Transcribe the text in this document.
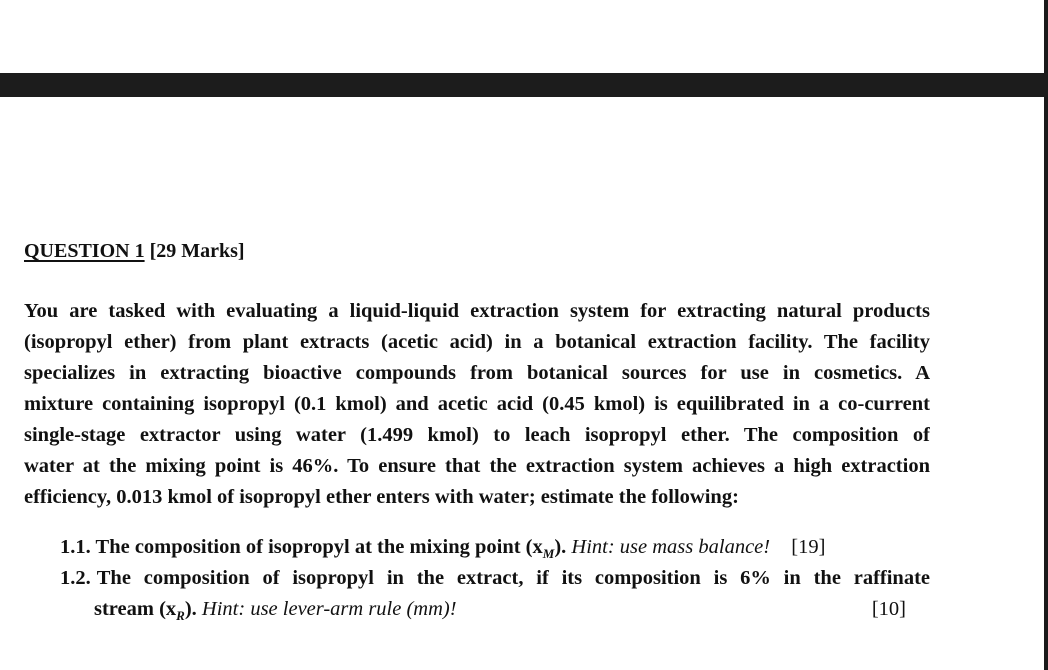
QUESTION 1 [29 Marks]
You are tasked with evaluating a liquid-liquid extraction system for extracting natural products
(isopropyl ether) from plant extracts (acetic acid) in a botanical extraction facility. The facility
specializes in extracting bioactive compounds from botanical sources for use in cosmetics. A
mixture containing isopropyl (0.1 kmol) and acetic acid (0.45 kmol) is equilibrated in a co-current
single-stage extractor using water (1.499 kmol) to leach isopropyl ether. The composition of
water at the mixing point is 46%. To ensure that the extraction system achieves a high extraction
efficiency, 0.013 kmol of isopropyl ether enters with water; estimate the following:
1.1. The composition of isopropyl at the mixing point $(x_M)$. Hint: use mass balance! [19]
1.2. The composition of isopropyl in the extract, if its composition is 6% in the raffinate
stream $(x_R)$. Hint: use lever-arm rule (mm)!	[10]
